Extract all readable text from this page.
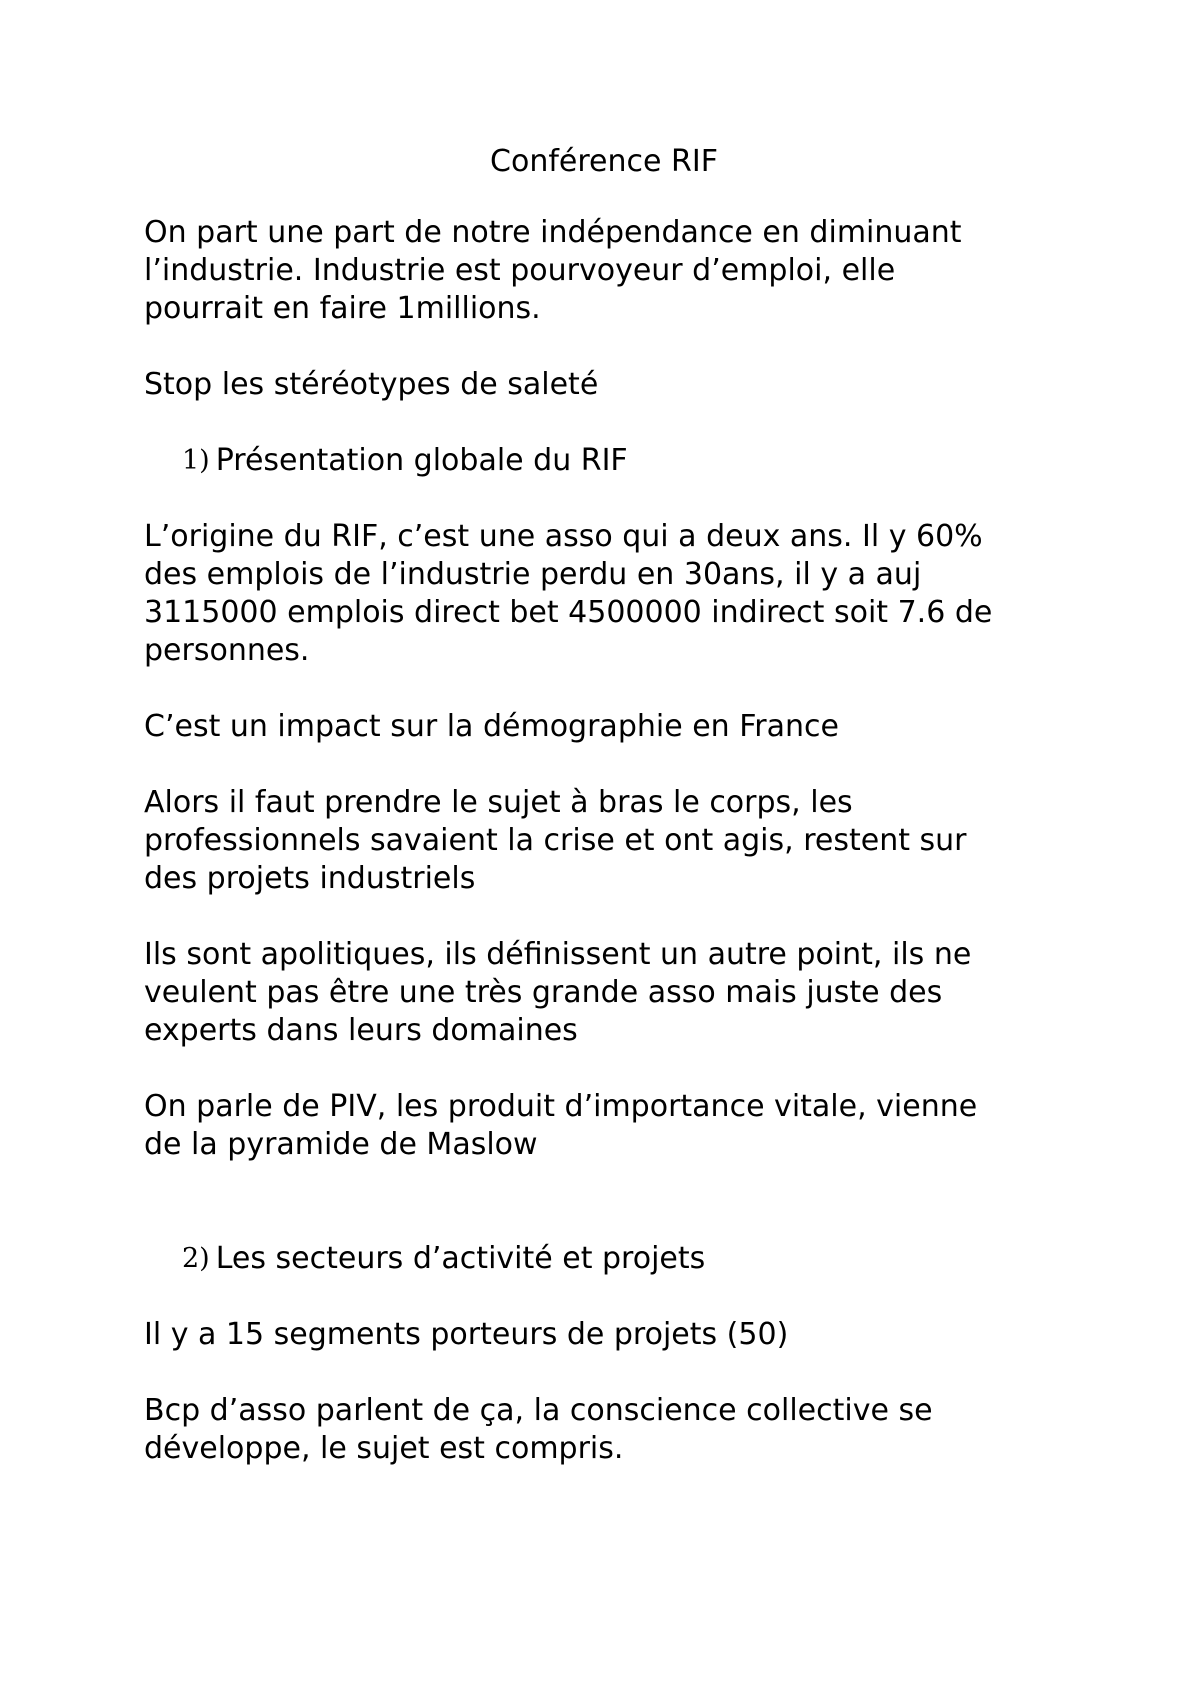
Conférence RIF

On part une part de notre indépendance en diminuant
l’industrie. Industrie est pourvoyeur d’emploi, elle
pourrait en faire 1millions.

Stop les stéréotypes de saleté

1) Présentation globale du RIF

L’origine du RIF, c’est une asso qui a deux ans. Il y 60%
des emplois de l’industrie perdu en 30ans, il y a auj
3115000 emplois direct bet 4500000 indirect soit 7.6 de
personnes.

C’est un impact sur la démographie en France

Alors il faut prendre le sujet à bras le corps, les
professionnels savaient la crise et ont agis, restent sur
des projets industriels

Ils sont apolitiques, ils définissent un autre point, ils ne
veulent pas être une très grande asso mais juste des
experts dans leurs domaines

On parle de PIV, les produit d’importance vitale, vienne
de la pyramide de Maslow

2) Les secteurs d’activité et projets

Il y a 15 segments porteurs de projets (50)

Bcp d’asso parlent de ça, la conscience collective se
développe, le sujet est compris.
